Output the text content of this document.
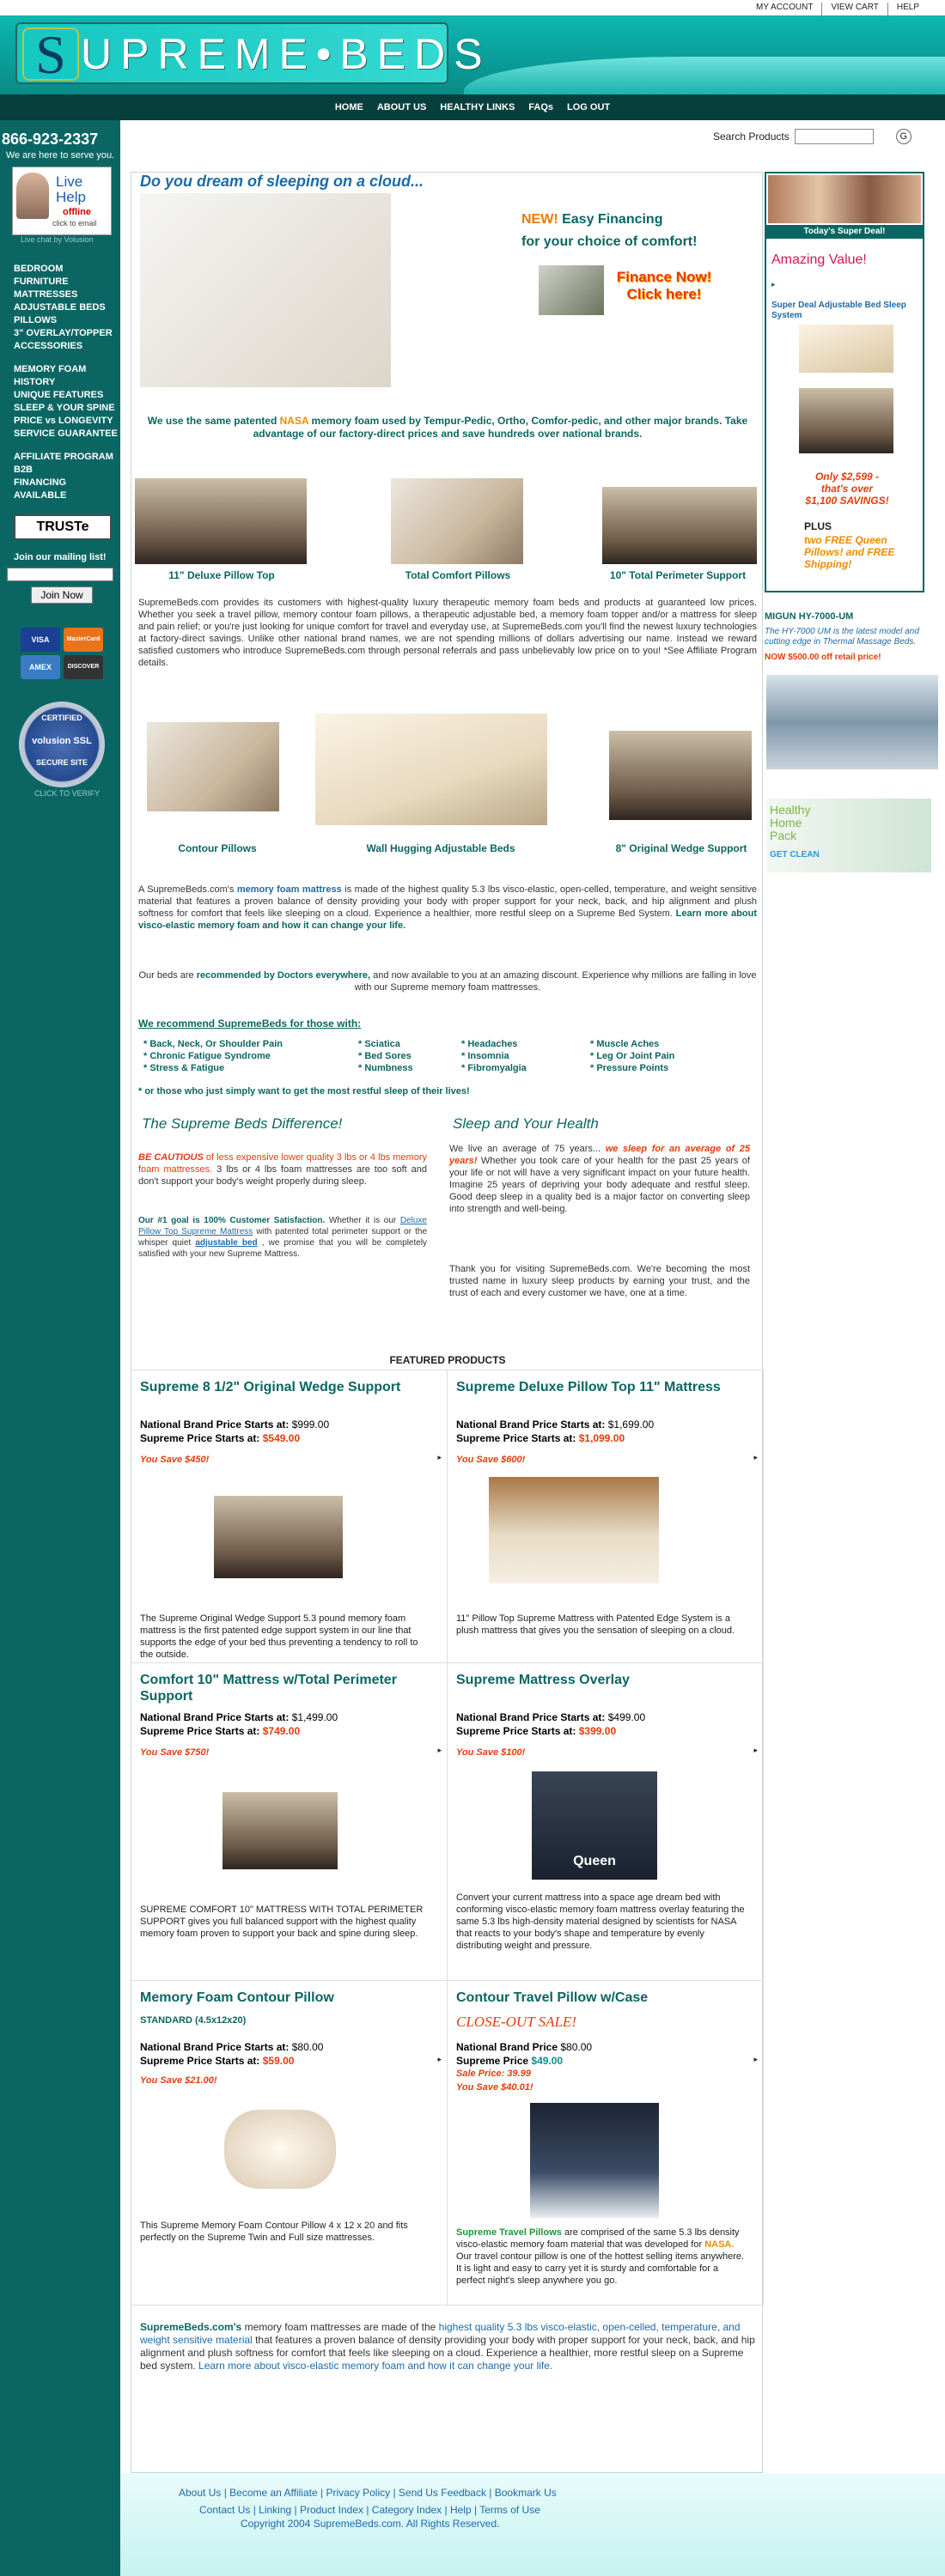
MY ACCOUNT	VIEW CART	HELP
S UPREME•BEDS
HOME ABOUT US HEALTHY LINKS FAQs LOG OUT
866-923-2337
We are here to serve you.
Live Help
offline
click to email
Live chat by Volusion
BEDROOM FURNITURE
MATTRESSES
ADJUSTABLE BEDS
PILLOWS
3" OVERLAY/TOPPER
ACCESSORIES
MEMORY FOAM HISTORY
UNIQUE FEATURES
SLEEP & YOUR SPINE
PRICE vs LONGEVITY
SERVICE GUARANTEE
AFFILIATE PROGRAM
B2B
FINANCING AVAILABLE
TRUSTe
Join our mailing list!
Join Now
VISA	MasterCard
AMEX	DISCOVER
CERTIFIED
volusion SSL
SECURE SITE
CLICK TO VERIFY
Search Products	G
Do you dream of sleeping on a cloud...
NEW! Easy Financing
for your choice of comfort!
Finance Now!
Click here!
We use the same patented NASA memory foam used by Tempur-Pedic, Ortho, Comfor-pedic, and other major brands. Take advantage of our factory-direct prices and save hundreds over national brands.
11" Deluxe Pillow Top	Total Comfort Pillows	10" Total Perimeter Support
SupremeBeds.com provides its customers with highest-quality luxury therapeutic memory foam beds and products at guaranteed low prices. Whether you seek a travel pillow, memory contour foam pillows, a therapeutic adjustable bed, a memory foam topper and/or a mattress for sleep and pain relief; or you're just looking for unique comfort for travel and everyday use, at SupremeBeds.com you'll find the newest luxury technologies at factory-direct savings. Unlike other national brand names, we are not spending millions of dollars advertising our name. Instead we reward satisfied customers who introduce SupremeBeds.com through personal referrals and pass unbelievably low price on to you! *See Affiliate Program details.
Contour Pillows	Wall Hugging Adjustable Beds	8" Original Wedge Support
A SupremeBeds.com's memory foam mattress is made of the highest quality 5.3 lbs visco-elastic, open-celled, temperature, and weight sensitive material that features a proven balance of density providing your body with proper support for your neck, back, and hip alignment and plush softness for comfort that feels like sleeping on a cloud. Experience a healthier, more restful sleep on a Supreme Bed System. Learn more about visco-elastic memory foam and how it can change your life.
Our beds are recommended by Doctors everywhere, and now available to you at an amazing discount. Experience why millions are falling in love with our Supreme memory foam mattresses.
We recommend SupremeBeds for those with:
* Back, Neck, Or Shoulder Pain	* Sciatica	* Headaches	* Muscle Aches
* Chronic Fatigue Syndrome	* Bed Sores	* Insomnia	* Leg Or Joint Pain
* Stress & Fatigue	* Numbness	* Fibromyalgia	* Pressure Points
* or those who just simply want to get the most restful sleep of their lives!
The Supreme Beds Difference!
BE CAUTIOUS of less expensive lower quality 3 lbs or 4 lbs memory foam mattresses. 3 lbs or 4 lbs foam mattresses are too soft and don't support your body's weight properly during sleep.
Our #1 goal is 100% Customer Satisfaction. Whether it is our Deluxe Pillow Top Supreme Mattress with patented total perimeter support or the whisper quiet adjustable bed , we promise that you will be completely satisfied with your new Supreme Mattress.
Sleep and Your Health
We live an average of 75 years... we sleep for an average of 25 years! Whether you took care of your health for the past 25 years of your life or not will have a very significant impact on your future health. Imagine 25 years of depriving your body adequate and restful sleep. Good deep sleep in a quality bed is a major factor on converting sleep into strength and well-being.
Thank you for visiting SupremeBeds.com. We're becoming the most trusted name in luxury sleep products by earning your trust, and the trust of each and every customer we have, one at a time.
FEATURED PRODUCTS
Supreme 8 1/2" Original Wedge Support
National Brand Price Starts at: $999.00
Supreme Price Starts at: $549.00
You Save $450!	▸
The Supreme Original Wedge Support 5.3 pound memory foam mattress is the first patented edge support system in our line that supports the edge of your bed thus preventing a tendency to roll to the outside.
Supreme Deluxe Pillow Top 11" Mattress
National Brand Price Starts at: $1,699.00
Supreme Price Starts at: $1,099.00
You Save $600!	▸
11" Pillow Top Supreme Mattress with Patented Edge System is a plush mattress that gives you the sensation of sleeping on a cloud.
Comfort 10" Mattress w/Total Perimeter Support
National Brand Price Starts at: $1,499.00
Supreme Price Starts at: $749.00
You Save $750!	▸
SUPREME COMFORT 10" MATTRESS WITH TOTAL PERIMETER SUPPORT gives you full balanced support with the highest quality memory foam proven to support your back and spine during sleep.
Supreme Mattress Overlay
National Brand Price Starts at: $499.00
Supreme Price Starts at: $399.00
You Save $100!	▸
Queen
Convert your current mattress into a space age dream bed with conforming visco-elastic memory foam mattress overlay featuring the same 5.3 lbs high-density material designed by scientists for NASA that reacts to your body's shape and temperature by evenly distributing weight and pressure.
Memory Foam Contour Pillow
STANDARD (4.5x12x20)
National Brand Price Starts at: $80.00
Supreme Price Starts at: $59.00
You Save $21.00!
▸
This Supreme Memory Foam Contour Pillow 4 x 12 x 20 and fits perfectly on the Supreme Twin and Full size mattresses.
Contour Travel Pillow w/Case
CLOSE-OUT SALE!
National Brand Price $80.00
Supreme Price $49.00
Sale Price: 39.99
You Save $40.01!
▸
Supreme Travel Pillows are comprised of the same 5.3 lbs density visco-elastic memory foam material that was developed for NASA. Our travel contour pillow is one of the hottest selling items anywhere. It is light and easy to carry yet it is sturdy and comfortable for a perfect night's sleep anywhere you go.
SupremeBeds.com's memory foam mattresses are made of the highest quality 5.3 lbs visco-elastic, open-celled, temperature, and weight sensitive material that features a proven balance of density providing your body with proper support for your neck, back, and hip alignment and plush softness for comfort that feels like sleeping on a cloud. Experience a healthier, more restful sleep on a Supreme bed system. Learn more about visco-elastic memory foam and how it can change your life.
Today's Super Deal!
Amazing Value!
▸
Super Deal Adjustable Bed Sleep System
Only $2,599 - that's over $1,100 SAVINGS!
PLUS
two FREE Queen Pillows! and FREE Shipping!
MIGUN HY-7000-UM
The HY-7000 UM is the latest model and cutting edge in Thermal Massage Beds.
NOW $500.00 off retail price!
Healthy Home Pack
GET CLEAN
About Us | Become an Affiliate | Privacy Policy | Send Us Feedback | Bookmark Us
Contact Us | Linking | Product Index | Category Index | Help | Terms of Use
Copyright 2004 SupremeBeds.com. All Rights Reserved.
